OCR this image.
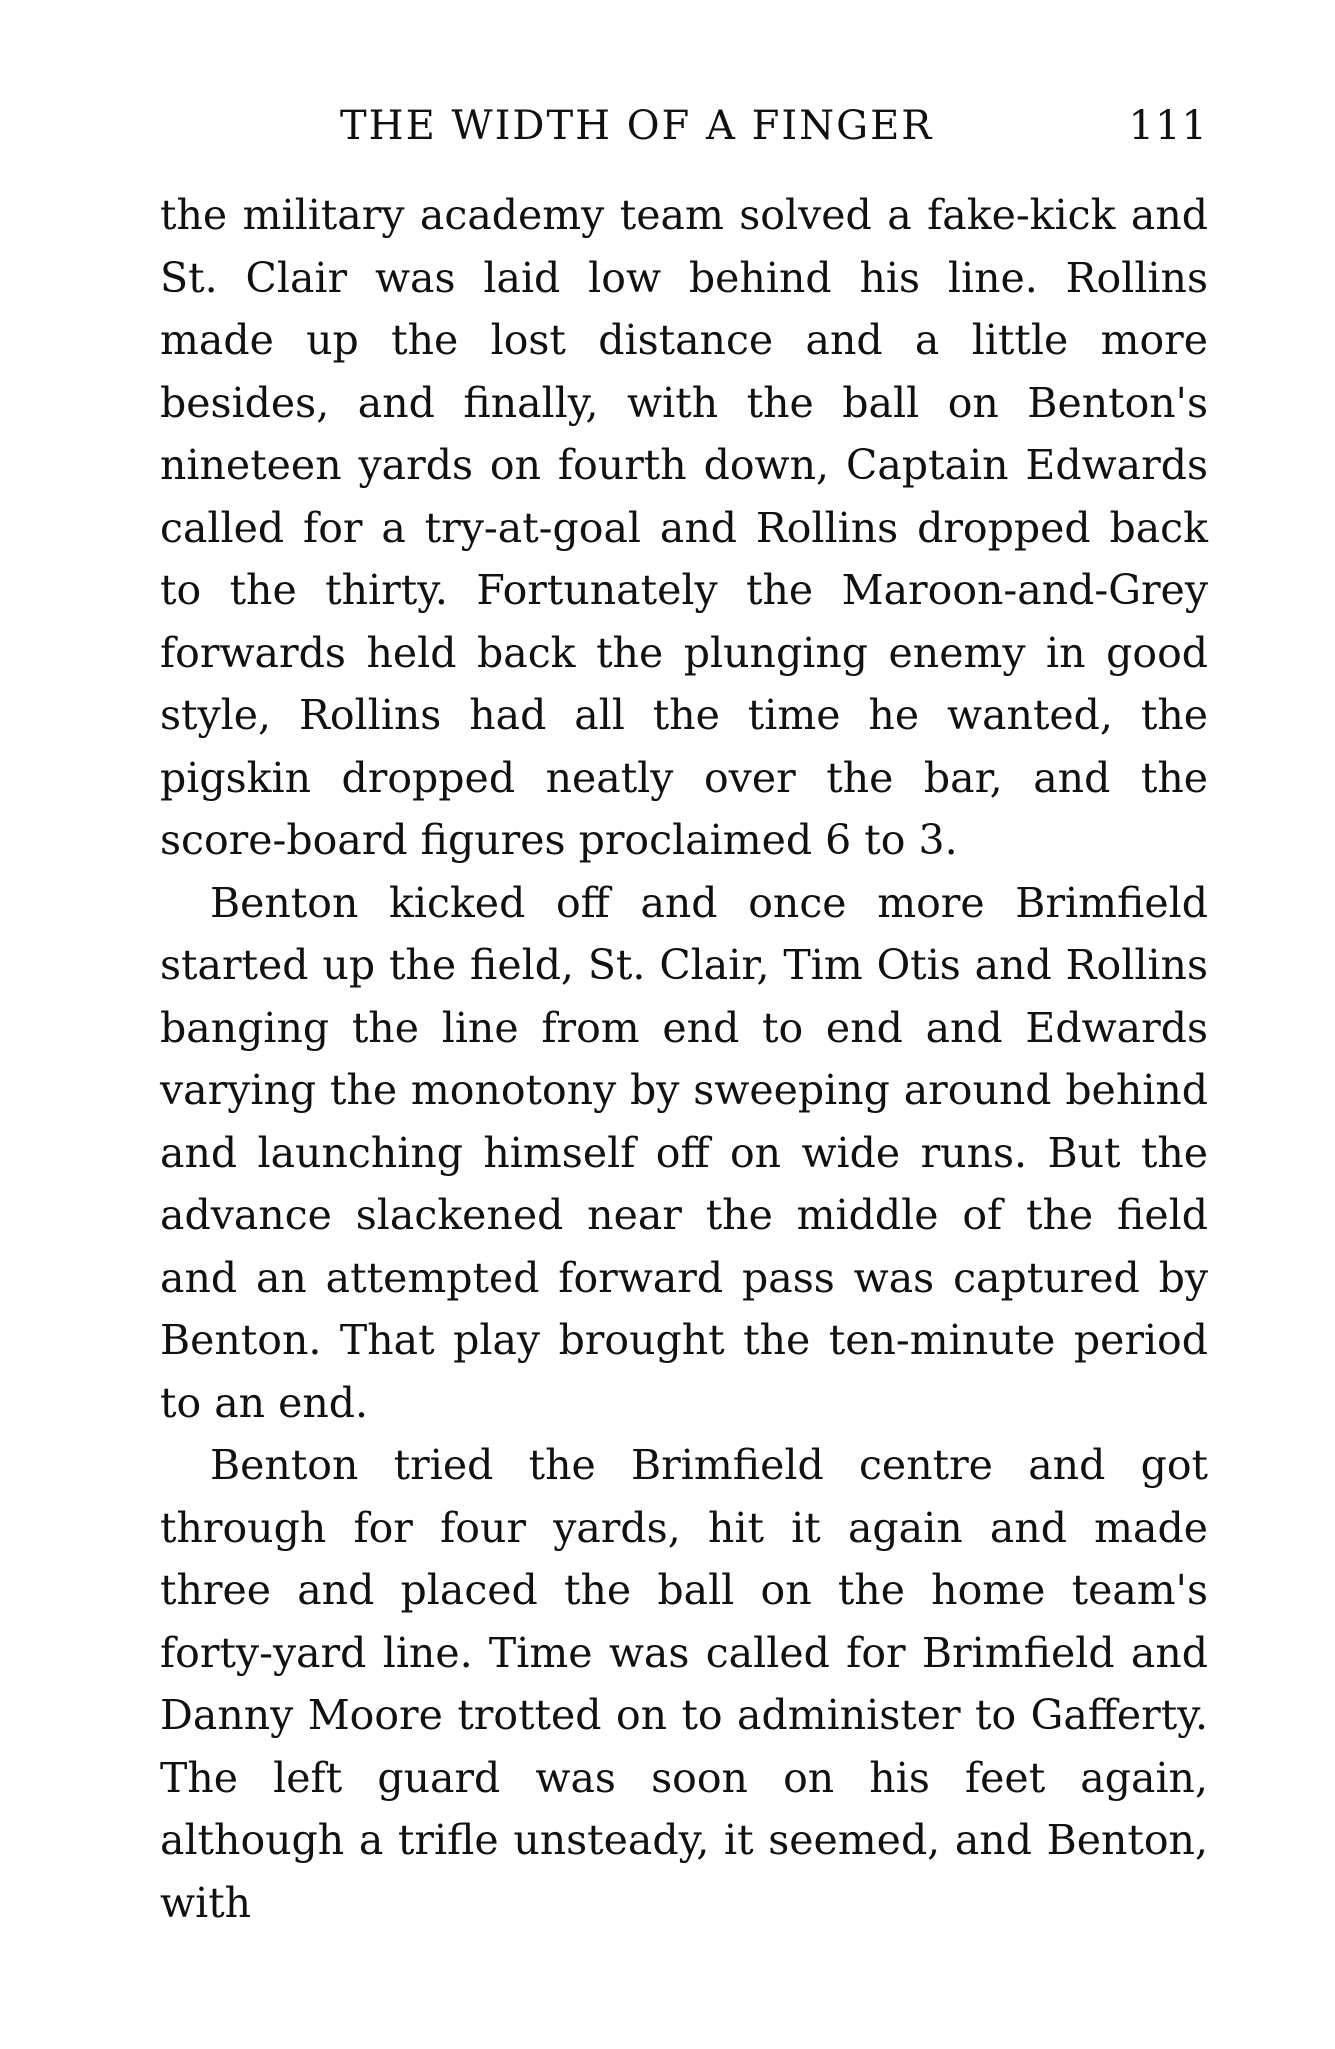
THE WIDTH OF A FINGER	111

the military academy team solved a fake-kick and St. Clair was laid low behind his line. Rollins made up the lost distance and a little more besides, and finally, with the ball on Benton's nineteen yards on fourth down, Captain Edwards called for a try-at-goal and Rollins dropped back to the thirty. Fortunately the Maroon-and-Grey forwards held back the plunging enemy in good style, Rollins had all the time he wanted, the pigskin dropped neatly over the bar, and the score-board figures proclaimed 6 to 3.

Benton kicked off and once more Brimfield started up the field, St. Clair, Tim Otis and Rollins banging the line from end to end and Edwards varying the monotony by sweeping around behind and launching himself off on wide runs. But the advance slackened near the middle of the field and an attempted forward pass was captured by Benton. That play brought the ten-minute period to an end.

Benton tried the Brimfield centre and got through for four yards, hit it again and made three and placed the ball on the home team's forty-yard line. Time was called for Brimfield and Danny Moore trotted on to administer to Gafferty. The left guard was soon on his feet again, although a trifle unsteady, it seemed, and Benton, with
